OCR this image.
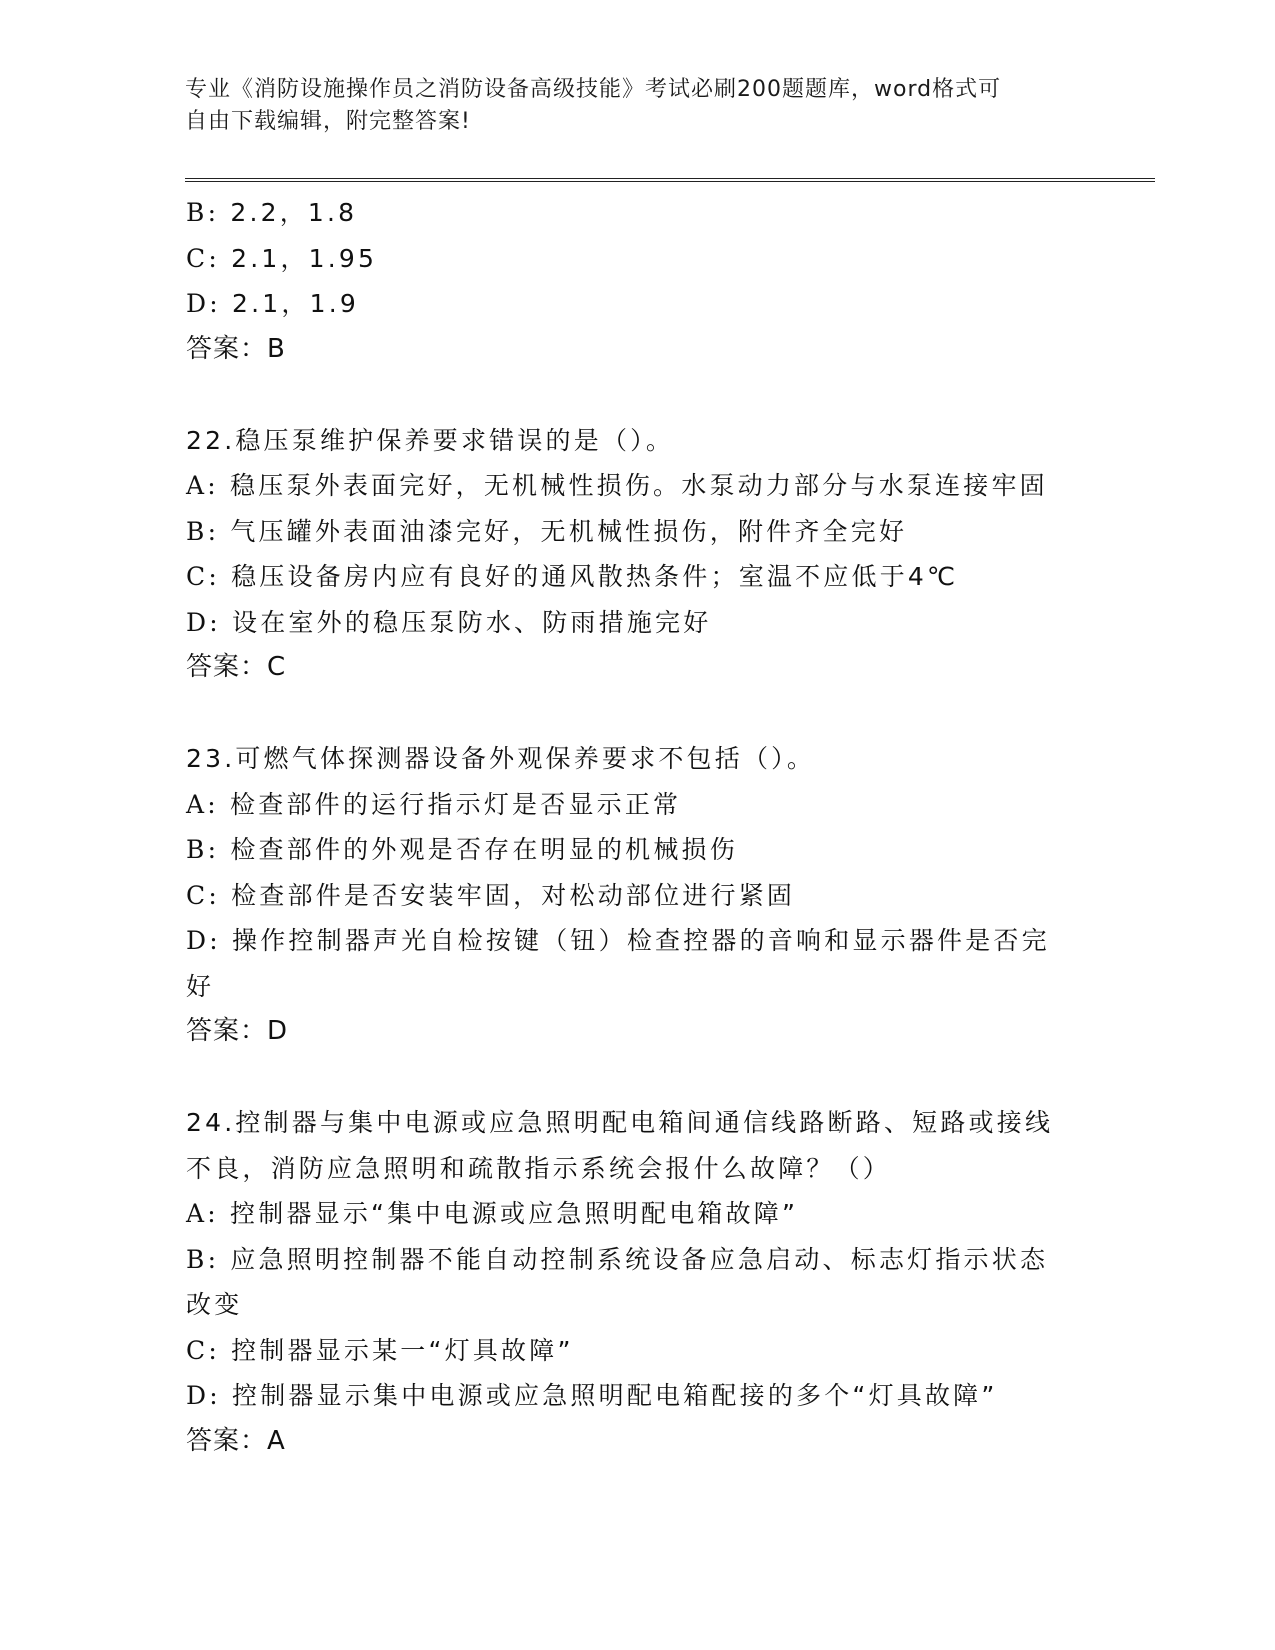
专业《消防设施操作员之消防设备高级技能》考试必刷200题题库，word格式可
自由下载编辑，附完整答案!
B: 2.2，1.8
C: 2.1，1.95
D: 2.1，1.9
答案：B
22.稳压泵维护保养要求错误的是（）。
A: 稳压泵外表面完好，无机械性损伤。水泵动力部分与水泵连接牢固
B: 气压罐外表面油漆完好，无机械性损伤，附件齐全完好
C: 稳压设备房内应有良好的通风散热条件；室温不应低于4℃
D: 设在室外的稳压泵防水、防雨措施完好
答案：C
23.可燃气体探测器设备外观保养要求不包括（）。
A: 检查部件的运行指示灯是否显示正常
B: 检查部件的外观是否存在明显的机械损伤
C: 检查部件是否安装牢固，对松动部位进行紧固
D: 操作控制器声光自检按键（钮）检查控器的音响和显示器件是否完
好
答案：D
24.控制器与集中电源或应急照明配电箱间通信线路断路、短路或接线
不良，消防应急照明和疏散指示系统会报什么故障？（）
A: 控制器显示“集中电源或应急照明配电箱故障”
B: 应急照明控制器不能自动控制系统设备应急启动、标志灯指示状态
改变
C: 控制器显示某一“灯具故障”
D: 控制器显示集中电源或应急照明配电箱配接的多个“灯具故障”
答案：A
